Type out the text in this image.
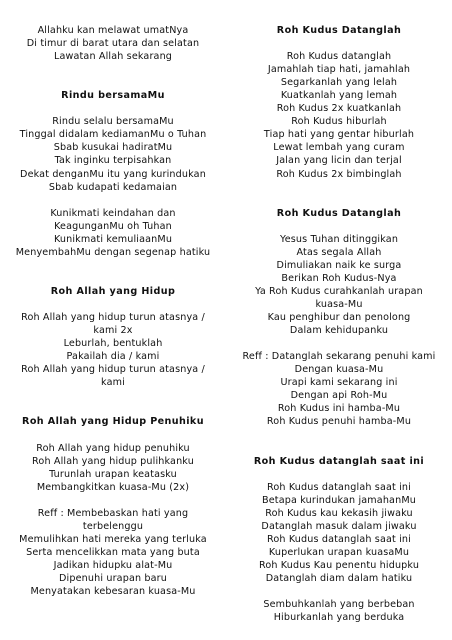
Allahku kan melawat umatNya
Di timur di barat utara dan selatan
Lawatan Allah sekarang
Rindu bersamaMu
Rindu selalu bersamaMu
Tinggal didalam kediamanMu o Tuhan
Sbab kusukai hadiratMu
Tak inginku terpisahkan
Dekat denganMu itu yang kurindukan
Sbab kudapati kedamaian
Kunikmati keindahan dan
KeagunganMu oh Tuhan
Kunikmati kemuliaanMu
MenyembahMu dengan segenap hatiku
Roh Allah yang Hidup
Roh Allah yang hidup turun atasnya /
kami 2x
Leburlah, bentuklah
Pakailah dia / kami
Roh Allah yang hidup turun atasnya /
kami
Roh Allah yang Hidup Penuhiku
Roh Allah yang hidup penuhiku
Roh Allah yang hidup pulihkanku
Turunlah urapan keatasku
Membangkitkan kuasa-Mu (2x)
Reff : Membebaskan hati yang
terbelenggu
Memulihkan hati mereka yang terluka
Serta mencelikkan mata yang buta
Jadikan hidupku alat-Mu
Dipenuhi urapan baru
Menyatakan kebesaran kuasa-Mu
Roh Kudus Datanglah
Roh Kudus datanglah
Jamahlah tiap hati, jamahlah
Segarkanlah yang lelah
Kuatkanlah yang lemah
Roh Kudus 2x kuatkanlah
Roh Kudus hiburlah
Tiap hati yang gentar hiburlah
Lewat lembah yang curam
Jalan yang licin dan terjal
Roh Kudus 2x bimbinglah
Roh Kudus Datanglah
Yesus Tuhan ditinggikan
Atas segala Allah
Dimuliakan naik ke surga
Berikan Roh Kudus-Nya
Ya Roh Kudus curahkanlah urapan
kuasa-Mu
Kau penghibur dan penolong
Dalam kehidupanku
Reff : Datanglah sekarang penuhi kami
Dengan kuasa-Mu
Urapi kami sekarang ini
Dengan api Roh-Mu
Roh Kudus ini hamba-Mu
Roh Kudus penuhi hamba-Mu
Roh Kudus datanglah saat ini
Roh Kudus datanglah saat ini
Betapa kurindukan jamahanMu
Roh Kudus kau kekasih jiwaku
Datanglah masuk dalam jiwaku
Roh Kudus datanglah saat ini
Kuperlukan urapan kuasaMu
Roh Kudus Kau penentu hidupku
Datanglah diam dalam hatiku
Sembuhkanlah yang berbeban
Hiburkanlah yang berduka
